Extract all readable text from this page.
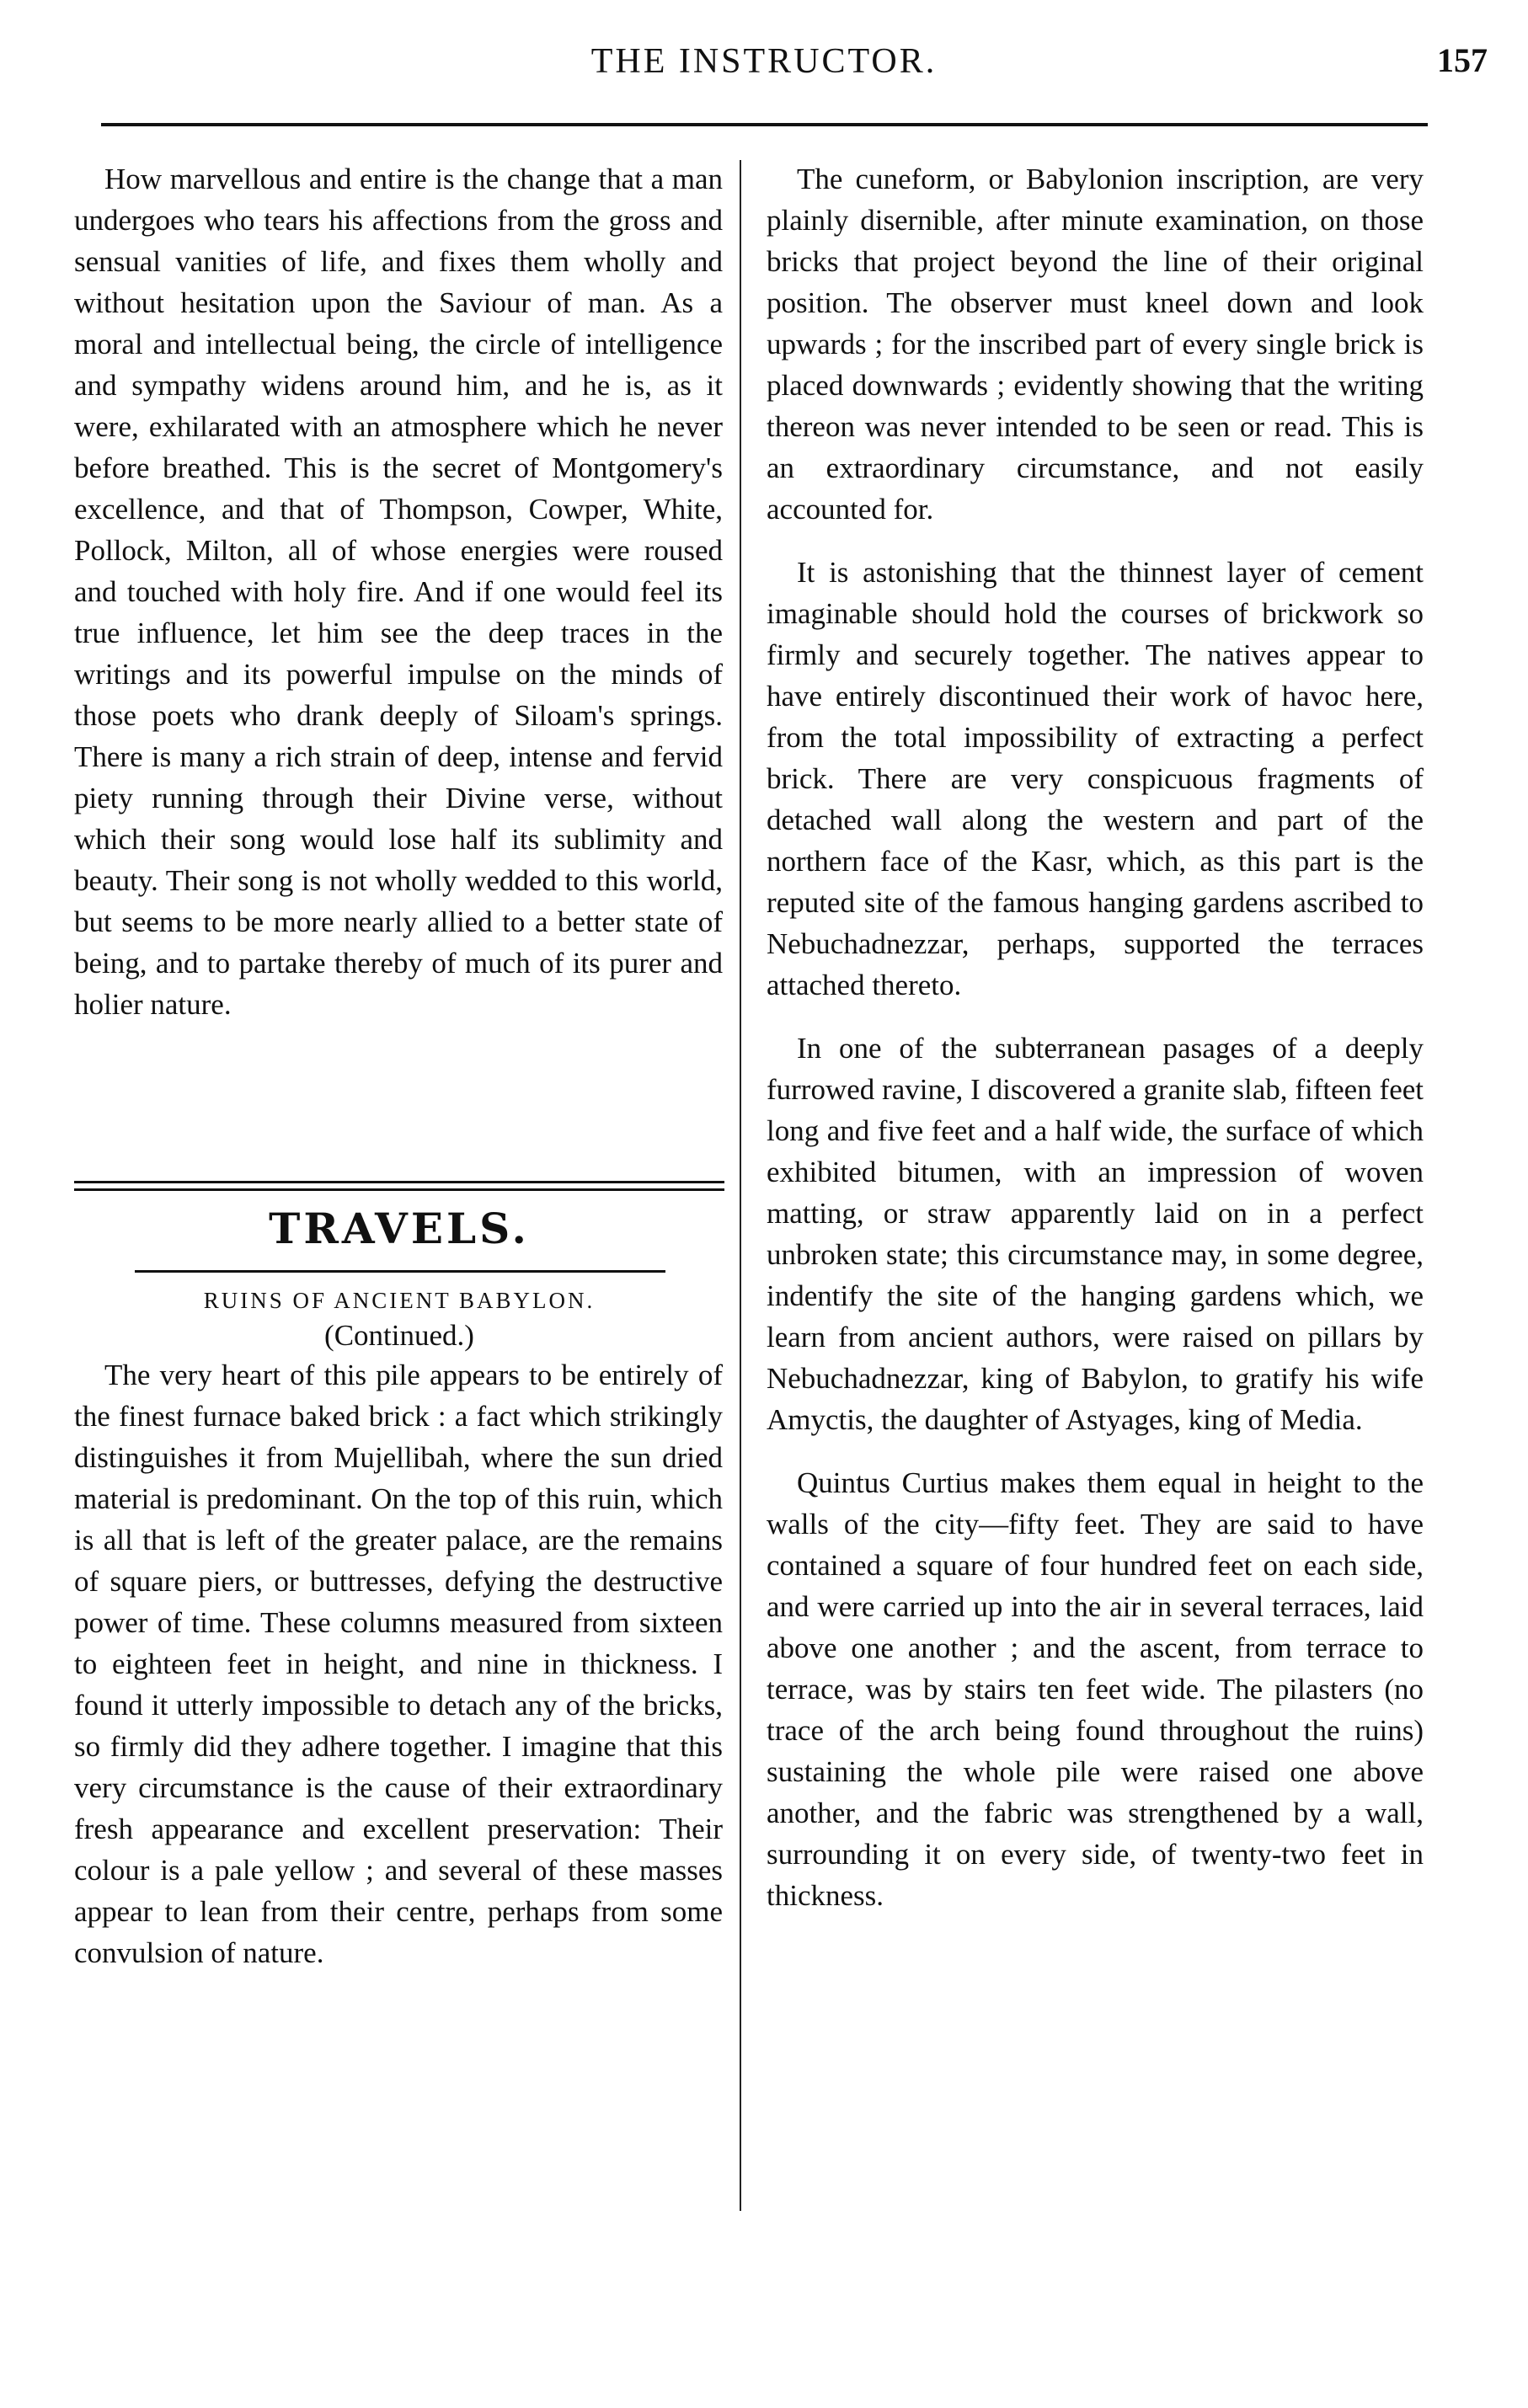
THE INSTRUCTOR.	157

How marvellous and entire is the change that a man undergoes who tears his affections from the gross and sensual vanities of life, and fixes them wholly and without hesitation upon the Saviour of man. As a moral and intellectual being, the circle of intelligence and sympathy widens around him, and he is, as it were, exhilarated with an atmosphere which he never before breathed. This is the secret of Montgomery's excellence, and that of Thompson, Cowper, White, Pollock, Milton, all of whose energies were roused and touched with holy fire. And if one would feel its true influence, let him see the deep traces in the writings and its powerful impulse on the minds of those poets who drank deeply of Siloam's springs. There is many a rich strain of deep, intense and fervid piety running through their Divine verse, without which their song would lose half its sublimity and beauty. Their song is not wholly wedded to this world, but seems to be more nearly allied to a better state of being, and to partake thereby of much of its purer and holier nature.

TRAVELS.
RUINS OF ANCIENT BABYLON.
(Continued.)

The very heart of this pile appears to be entirely of the finest furnace baked brick : a fact which strikingly distinguishes it from Mujellibah, where the sun dried material is predominant. On the top of this ruin, which is all that is left of the greater palace, are the remains of square piers, or buttresses, defying the destructive power of time. These columns measured from sixteen to eighteen feet in height, and nine in thickness. I found it utterly impossible to detach any of the bricks, so firmly did they adhere together. I imagine that this very circumstance is the cause of their extraordinary fresh appearance and excellent preservation: Their colour is a pale yellow ; and several of these masses appear to lean from their centre, perhaps from some convulsion of nature.

The cuneform, or Babylonion inscription, are very plainly disernible, after minute examination, on those bricks that project beyond the line of their original position. The observer must kneel down and look upwards ; for the inscribed part of every single brick is placed downwards ; evidently showing that the writing thereon was never intended to be seen or read. This is an extraordinary circumstance, and not easily accounted for.

It is astonishing that the thinnest layer of cement imaginable should hold the courses of brickwork so firmly and securely together. The natives appear to have entirely discontinued their work of havoc here, from the total impossibility of extracting a perfect brick. There are very conspicuous fragments of detached wall along the western and part of the northern face of the Kasr, which, as this part is the reputed site of the famous hanging gardens ascribed to Nebuchadnezzar, perhaps, supported the terraces attached thereto.

In one of the subterranean pasages of a deeply furrowed ravine, I discovered a granite slab, fifteen feet long and five feet and a half wide, the surface of which exhibited bitumen, with an impression of woven matting, or straw apparently laid on in a perfect unbroken state; this circumstance may, in some degree, indentify the site of the hanging gardens which, we learn from ancient authors, were raised on pillars by Nebuchadnezzar, king of Babylon, to gratify his wife Amyctis, the daughter of Astyages, king of Media.

Quintus Curtius makes them equal in height to the walls of the city—fifty feet. They are said to have contained a square of four hundred feet on each side, and were carried up into the air in several terraces, laid above one another ; and the ascent, from terrace to terrace, was by stairs ten feet wide. The pilasters (no trace of the arch being found throughout the ruins) sustaining the whole pile were raised one above another, and the fabric was strengthened by a wall, surrounding it on every side, of twenty-two feet in thickness.
